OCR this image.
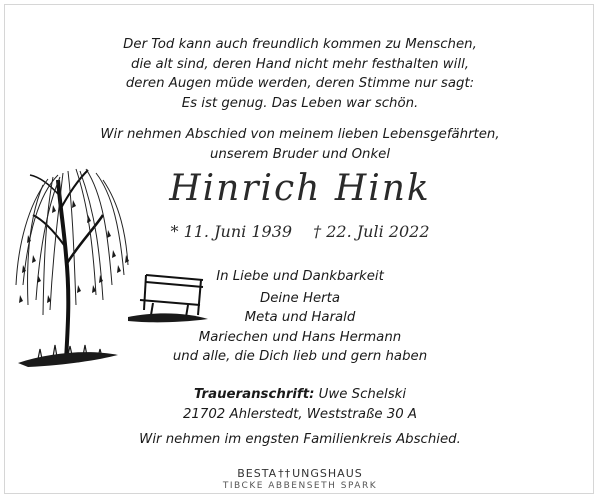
Der Tod kann auch freundlich kommen zu Menschen,
die alt sind, deren Hand nicht mehr festhalten will,
deren Augen müde werden, deren Stimme nur sagt:
Es ist genug. Das Leben war schön.
Wir nehmen Abschied von meinem lieben Lebensgefährten,
unserem Bruder und Onkel
Hinrich Hink
* 11. Juni 1939 † 22. Juli 2022
In Liebe und Dankbarkeit
Deine Herta
Meta und Harald
Mariechen und Hans Hermann
und alle, die Dich lieb und gern haben
Traueranschrift: Uwe Schelski
21702 Ahlerstedt, Weststraße 30 A
Wir nehmen im engsten Familienkreis Abschied.
BESTA††UNGSHAUS
TIBCKE ABBENSETH SPARK
